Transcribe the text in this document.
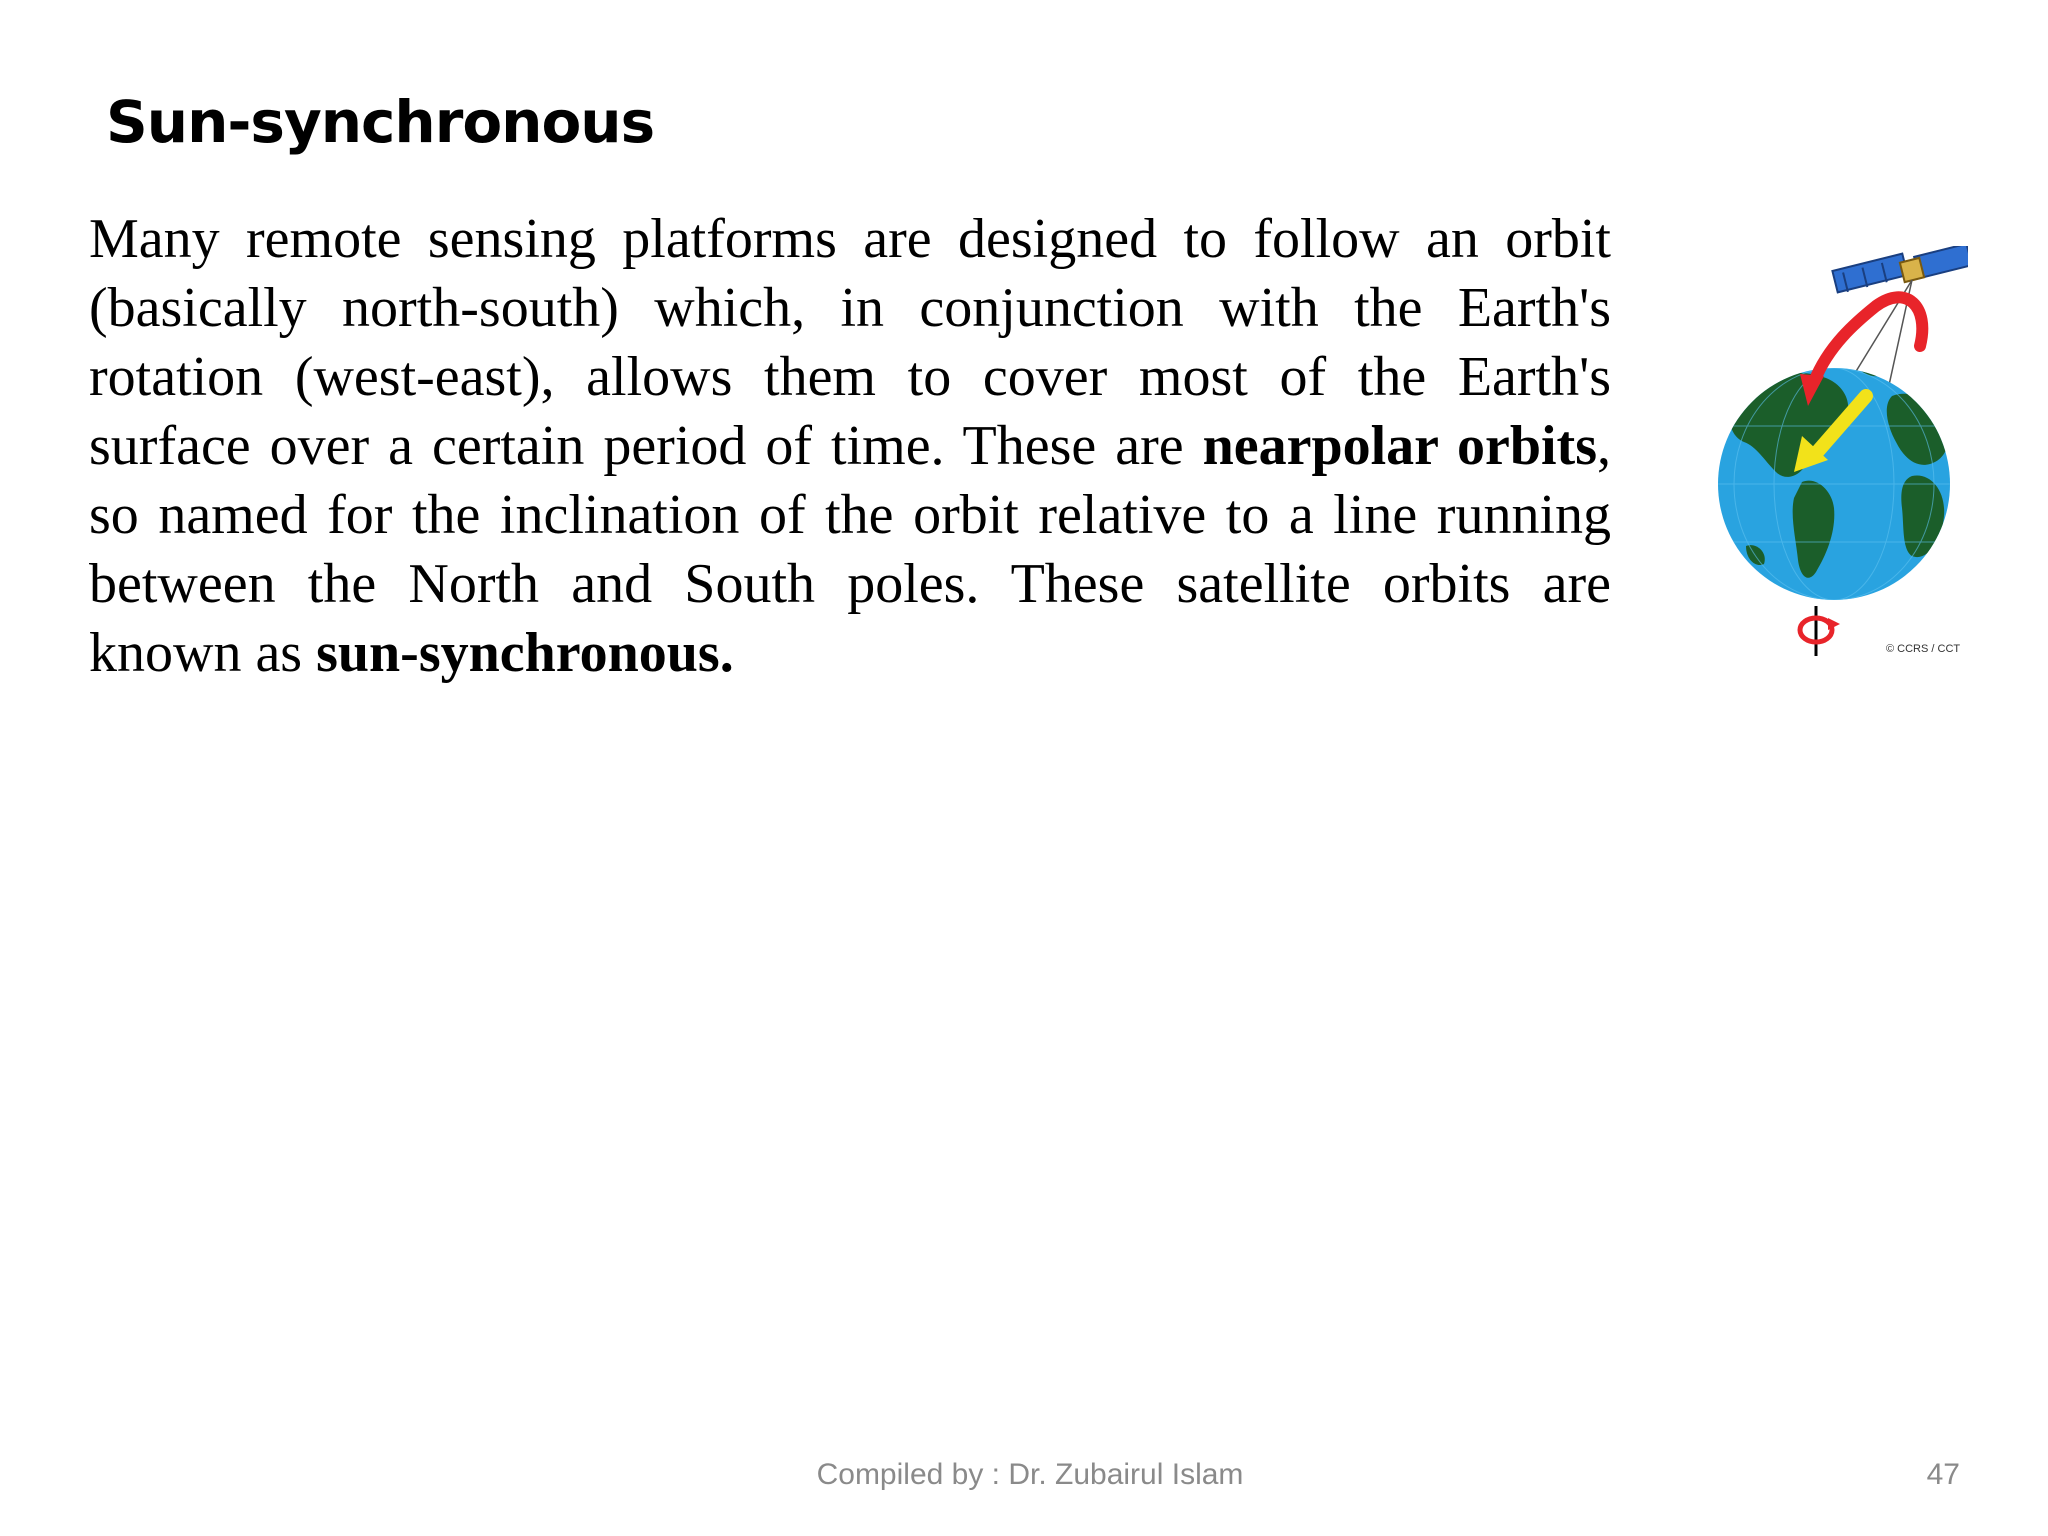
Sun-synchronous

Many remote sensing platforms are designed to follow an orbit (basically north-south) which, in conjunction with the Earth's rotation (west-east), allows them to cover most of the Earth's surface over a certain period of time. These are nearpolar orbits, so named for the inclination of the orbit relative to a line running between the North and South poles. These satellite orbits are known as sun-synchronous.	© CCRS / CCT
Compiled by : Dr. Zubairul Islam	47
